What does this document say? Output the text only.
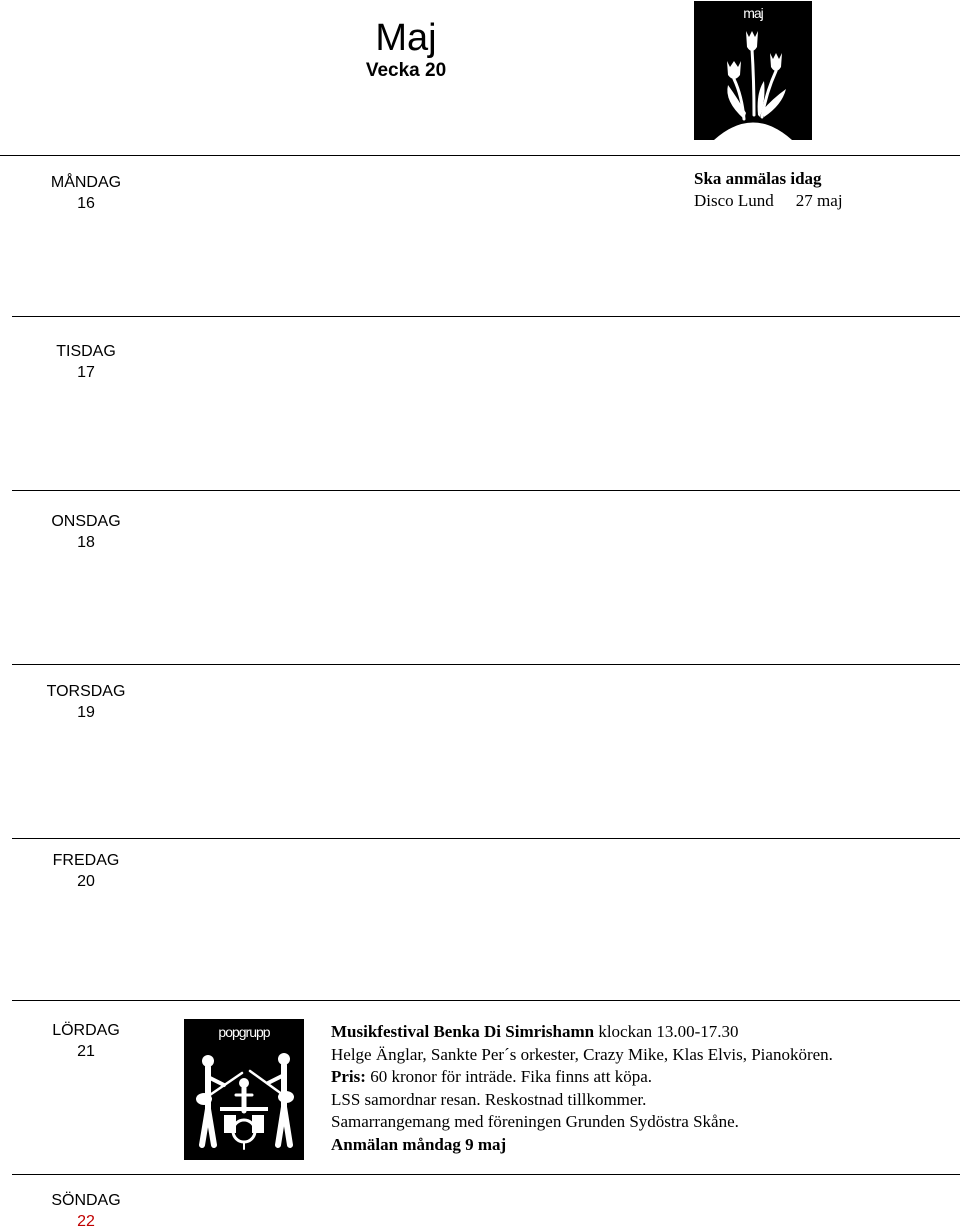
Maj
Vecka 20
maj
MÅNDAG
16
TISDAG
17
ONSDAG
18
TORSDAG
19
FREDAG
20
LÖRDAG
21
SÖNDAG
22
Ska anmälas idag
Disco Lund 27 maj
popgrupp	Musikfestival Benka Di Simrishamn klockan 13.00-17.30
Helge Änglar, Sankte Per´s orkester, Crazy Mike, Klas Elvis, Pianokören.
Pris: 60 kronor för inträde. Fika finns att köpa.
LSS samordnar resan. Reskostnad tillkommer.
Samarrangemang med föreningen Grunden Sydöstra Skåne.
Anmälan måndag 9 maj
